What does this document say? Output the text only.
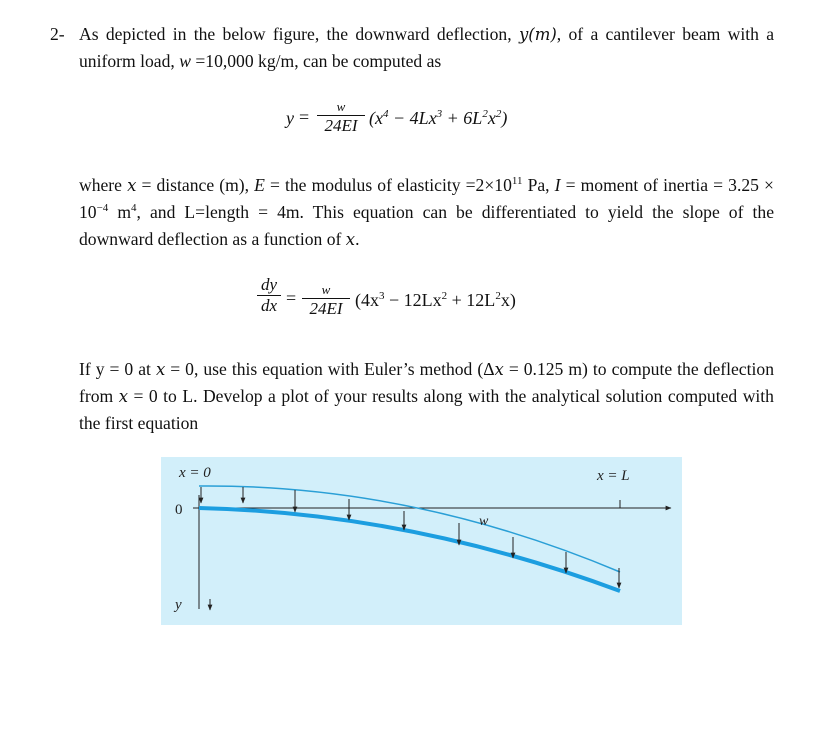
2- As depicted in the below figure, the downward deflection, y(m), of a cantilever beam with a uniform load, w =10,000 kg/m, can be computed as
y =
w
24EI $(x^4 - 4Lx^3 + 6L^2x^2)$
where x = distance (m), E = the modulus of elasticity $=2\times 10^{11}$ Pa, I = moment of inertia = $3.25 \times 10^{-4}$ $m^4$, and L=length = 4m. This equation can be differentiated to yield the slope of the downward deflection as a function of x.
dy
dx =	w
24EI $(4x^3 - 12Lx^2 + 12L^2x)$
If y = 0 at x = 0, use this equation with Euler’s method (Δx = 0.125 m) to compute the deflection from x = 0 to L. Develop a plot of your results along with the analytical solution computed with the first equation
x = 0	x = L
0
y
w
